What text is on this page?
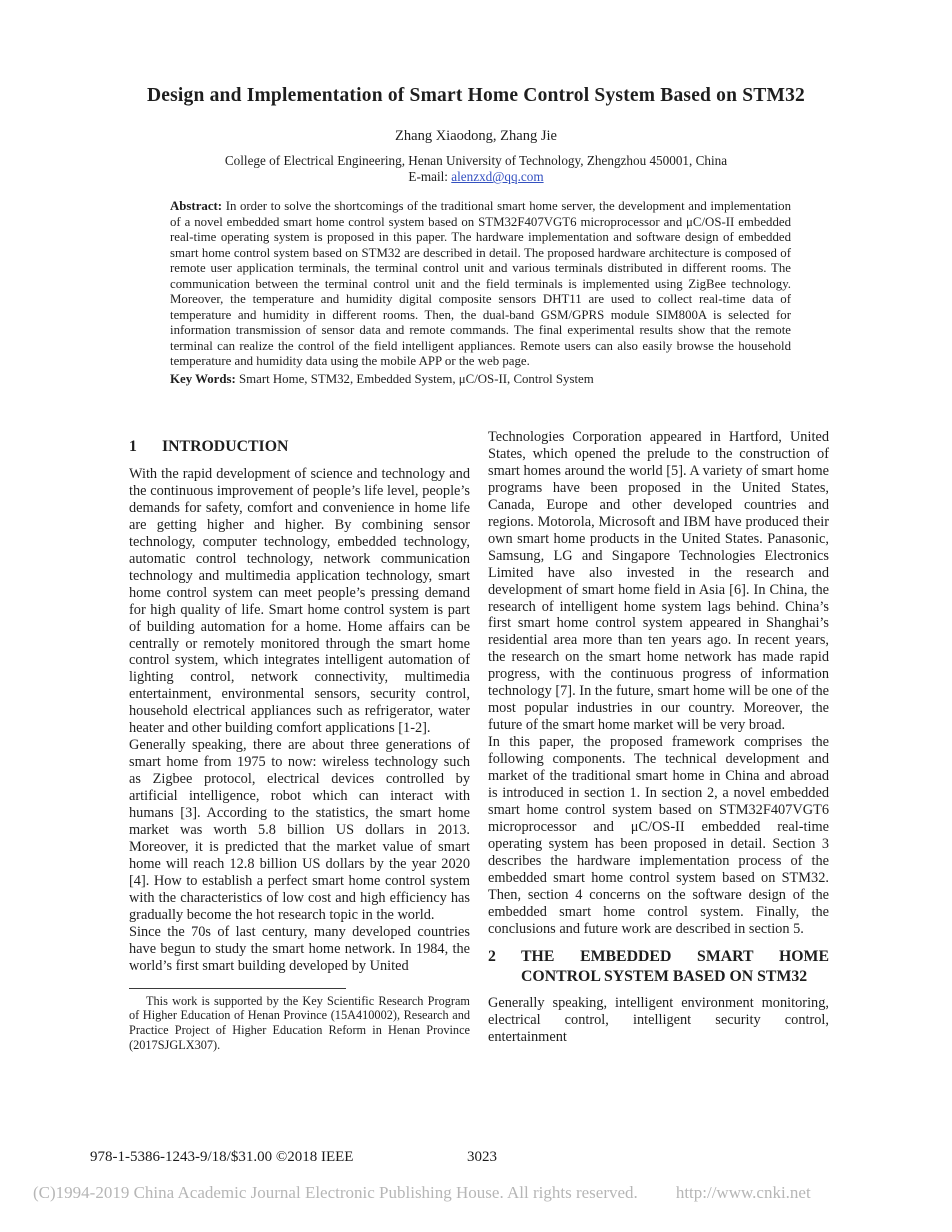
Design and Implementation of Smart Home Control System Based on STM32
Zhang Xiaodong, Zhang Jie
College of Electrical Engineering, Henan University of Technology, Zhengzhou 450001, China
E-mail: alenzxd@qq.com
Abstract: In order to solve the shortcomings of the traditional smart home server, the development and implementation of a novel embedded smart home control system based on STM32F407VGT6 microprocessor and μC/OS-II embedded real-time operating system is proposed in this paper. The hardware implementation and software design of embedded smart home control system based on STM32 are described in detail. The proposed hardware architecture is composed of remote user application terminals, the terminal control unit and various terminals distributed in different rooms. The communication between the terminal control unit and the field terminals is implemented using ZigBee technology. Moreover, the temperature and humidity digital composite sensors DHT11 are used to collect real-time data of temperature and humidity in different rooms. Then, the dual-band GSM/GPRS module SIM800A is selected for information transmission of sensor data and remote commands. The final experimental results show that the remote terminal can realize the control of the field intelligent appliances. Remote users can also easily browse the household temperature and humidity data using the mobile APP or the web page.
Key Words: Smart Home, STM32, Embedded System, μC/OS-II, Control System
1	INTRODUCTION

With the rapid development of science and technology and the continuous improvement of people’s life level, people’s demands for safety, comfort and convenience in home life are getting higher and higher. By combining sensor technology, computer technology, embedded technology, automatic control technology, network communication technology and multimedia application technology, smart home control system can meet people’s pressing demand for high quality of life. Smart home control system is part of building automation for a home. Home affairs can be centrally or remotely monitored through the smart home control system, which integrates intelligent automation of lighting control, network connectivity, multimedia entertainment, environmental sensors, security control, household electrical appliances such as refrigerator, water heater and other building comfort applications [1-2].

Generally speaking, there are about three generations of smart home from 1975 to now: wireless technology such as Zigbee protocol, electrical devices controlled by artificial intelligence, robot which can interact with humans [3]. According to the statistics, the smart home market was worth 5.8 billion US dollars in 2013. Moreover, it is predicted that the market value of smart home will reach 12.8 billion US dollars by the year 2020 [4]. How to establish a perfect smart home control system with the characteristics of low cost and high efficiency has gradually become the hot research topic in the world.

Since the 70s of last century, many developed countries have begun to study the smart home network. In 1984, the world’s first smart building developed by United

This work is supported by the Key Scientific Research Program of Higher Education of Henan Province (15A410002), Research and Practice Project of Higher Education Reform in Henan Province (2017SJGLX307).

Technologies Corporation appeared in Hartford, United States, which opened the prelude to the construction of smart homes around the world [5]. A variety of smart home programs have been proposed in the United States, Canada, Europe and other developed countries and regions. Motorola, Microsoft and IBM have produced their own smart home products in the United States. Panasonic, Samsung, LG and Singapore Technologies Electronics Limited have also invested in the research and development of smart home field in Asia [6]. In China, the research of intelligent home system lags behind. China’s first smart home control system appeared in Shanghai’s residential area more than ten years ago. In recent years, the research on the smart home network has made rapid progress, with the continuous progress of information technology [7]. In the future, smart home will be one of the most popular industries in our country. Moreover, the future of the smart home market will be very broad.

In this paper, the proposed framework comprises the following components. The technical development and market of the traditional smart home in China and abroad is introduced in section 1. In section 2, a novel embedded smart home control system based on STM32F407VGT6 microprocessor and μC/OS-II embedded real-time operating system has been proposed in detail. Section 3 describes the hardware implementation process of the embedded smart home control system based on STM32. Then, section 4 concerns on the software design of the embedded smart home control system. Finally, the conclusions and future work are described in section 5.

2	THE EMBEDDED SMART HOME
CONTROL SYSTEM BASED ON STM32

Generally speaking, intelligent environment monitoring, electrical control, intelligent security control, entertainment

978-1-5386-1243-9/18/$31.00 ©2018 IEEE	3023
(C)1994-2019 China Academic Journal Electronic Publishing House. All rights reserved. http://www.cnki.net
